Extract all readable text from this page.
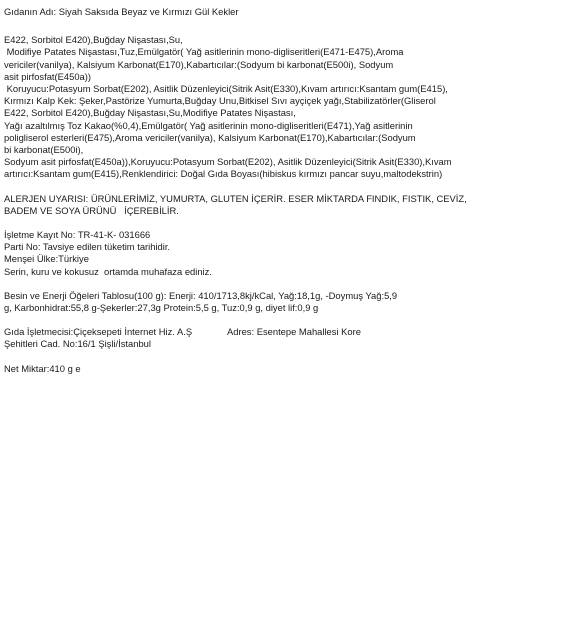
Gıdanın Adı: Siyah Saksıda Beyaz ve Kırmızı Gül Kekler
E422, Sorbitol E420),Buğday Nişastası,Su,
Modifiye Patates Nişastası,Tuz,Emülgatör( Yağ asitlerinin mono-digliseritleri(E471-E475),Aroma
vericiler(vanilya), Kalsiyum Karbonat(E170),Kabartıcılar:(Sodyum bi karbonat(E500i), Sodyum
asit pirfosfat(E450a))
Koruyucu:Potasyum Sorbat(E202), Asitlik Düzenleyici(Sitrik Asit(E330),Kıvam artırıcı:Ksantam gum(E415),
Kırmızı Kalp Kek: Şeker,Pastörize Yumurta,Buğday Unu,Bitkisel Sıvı ayçiçek yağı,Stabilizatörler(Gliserol
E422, Sorbitol E420),Buğday Nişastası,Su,Modifiye Patates Nişastası,
Yağı azaltılmış Toz Kakao(%0,4),Emülgatör( Yağ asitlerinin mono-digliseritleri(E471),Yağ asitlerinin
poligliserol esterleri(E475),Aroma vericiler(vanilya), Kalsiyum Karbonat(E170),Kabartıcılar:(Sodyum
bi karbonat(E500i),
Sodyum asit pirfosfat(E450a)),Koruyucu:Potasyum Sorbat(E202), Asitlik Düzenleyici(Sitrik Asit(E330),Kıvam
artırıcı:Ksantam gum(E415),Renklendirici: Doğal Gıda Boyası(hibiskus kırmızı pancar suyu,maltodekstrin)
ALERJEN UYARISI: ÜRÜNLERİMİZ, YUMURTA, GLUTEN İÇERİR. ESER MİKTARDA FINDIK, FISTIK, CEVİZ,
BADEM VE SOYA ÜRÜNÜ   İÇEREBİLİR.
İşletme Kayıt No: TR-41-K- 031666
Parti No: Tavsiye edilen tüketim tarihidir.
Menşei Ülke:Türkiye
Serin, kuru ve kokusuz  ortamda muhafaza ediniz.
Besin ve Enerji Öğeleri Tablosu(100 g): Enerji: 410/1713,8kj/kCal, Yağ:18,1g, -Doymuş Yağ:5,9
g, Karbonhidrat:55,8 g-Şekerler:27,3g Protein:5,5 g, Tuz:0,9 g, diyet lif:0,9 g
Gıda İşletmecisi:Çiçeksepeti İnternet Hiz. A.Ş	Adres: Esentepe Mahallesi Kore
Şehitleri Cad. No:16/1 Şişli/İstanbul
Net Miktar:410 g e
